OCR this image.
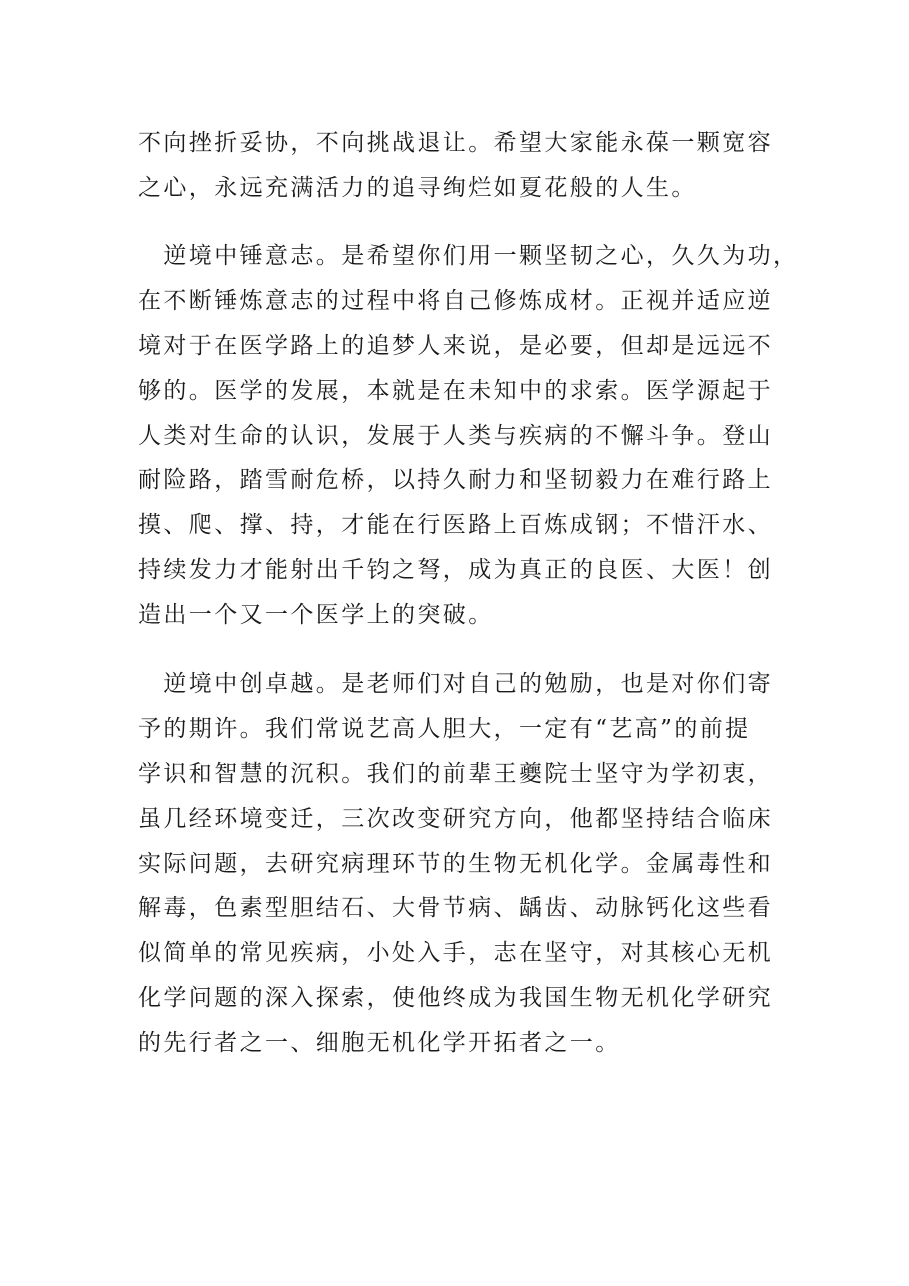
不向挫折妥协，不向挑战退让。希望大家能永葆一颗宽容
之心，永远充满活力的追寻绚烂如夏花般的人生。
　逆境中锤意志。是希望你们用一颗坚韧之心，久久为功，
在不断锤炼意志的过程中将自己修炼成材。正视并适应逆
境对于在医学路上的追梦人来说，是必要，但却是远远不
够的。医学的发展，本就是在未知中的求索。医学源起于
人类对生命的认识，发展于人类与疾病的不懈斗争。登山
耐险路，踏雪耐危桥，以持久耐力和坚韧毅力在难行路上
摸、爬、撑、持，才能在行医路上百炼成钢；不惜汗水、
持续发力才能射出千钧之弩，成为真正的良医、大医！创
造出一个又一个医学上的突破。
　逆境中创卓越。是老师们对自己的勉励，也是对你们寄
予的期许。我们常说艺高人胆大，一定有“艺高”的前提
学识和智慧的沉积。我们的前辈王夔院士坚守为学初衷，
虽几经环境变迁，三次改变研究方向，他都坚持结合临床
实际问题，去研究病理环节的生物无机化学。金属毒性和
解毒，色素型胆结石、大骨节病、龋齿、动脉钙化这些看
似简单的常见疾病，小处入手，志在坚守，对其核心无机
化学问题的深入探索，使他终成为我国生物无机化学研究
的先行者之一、细胞无机化学开拓者之一。
